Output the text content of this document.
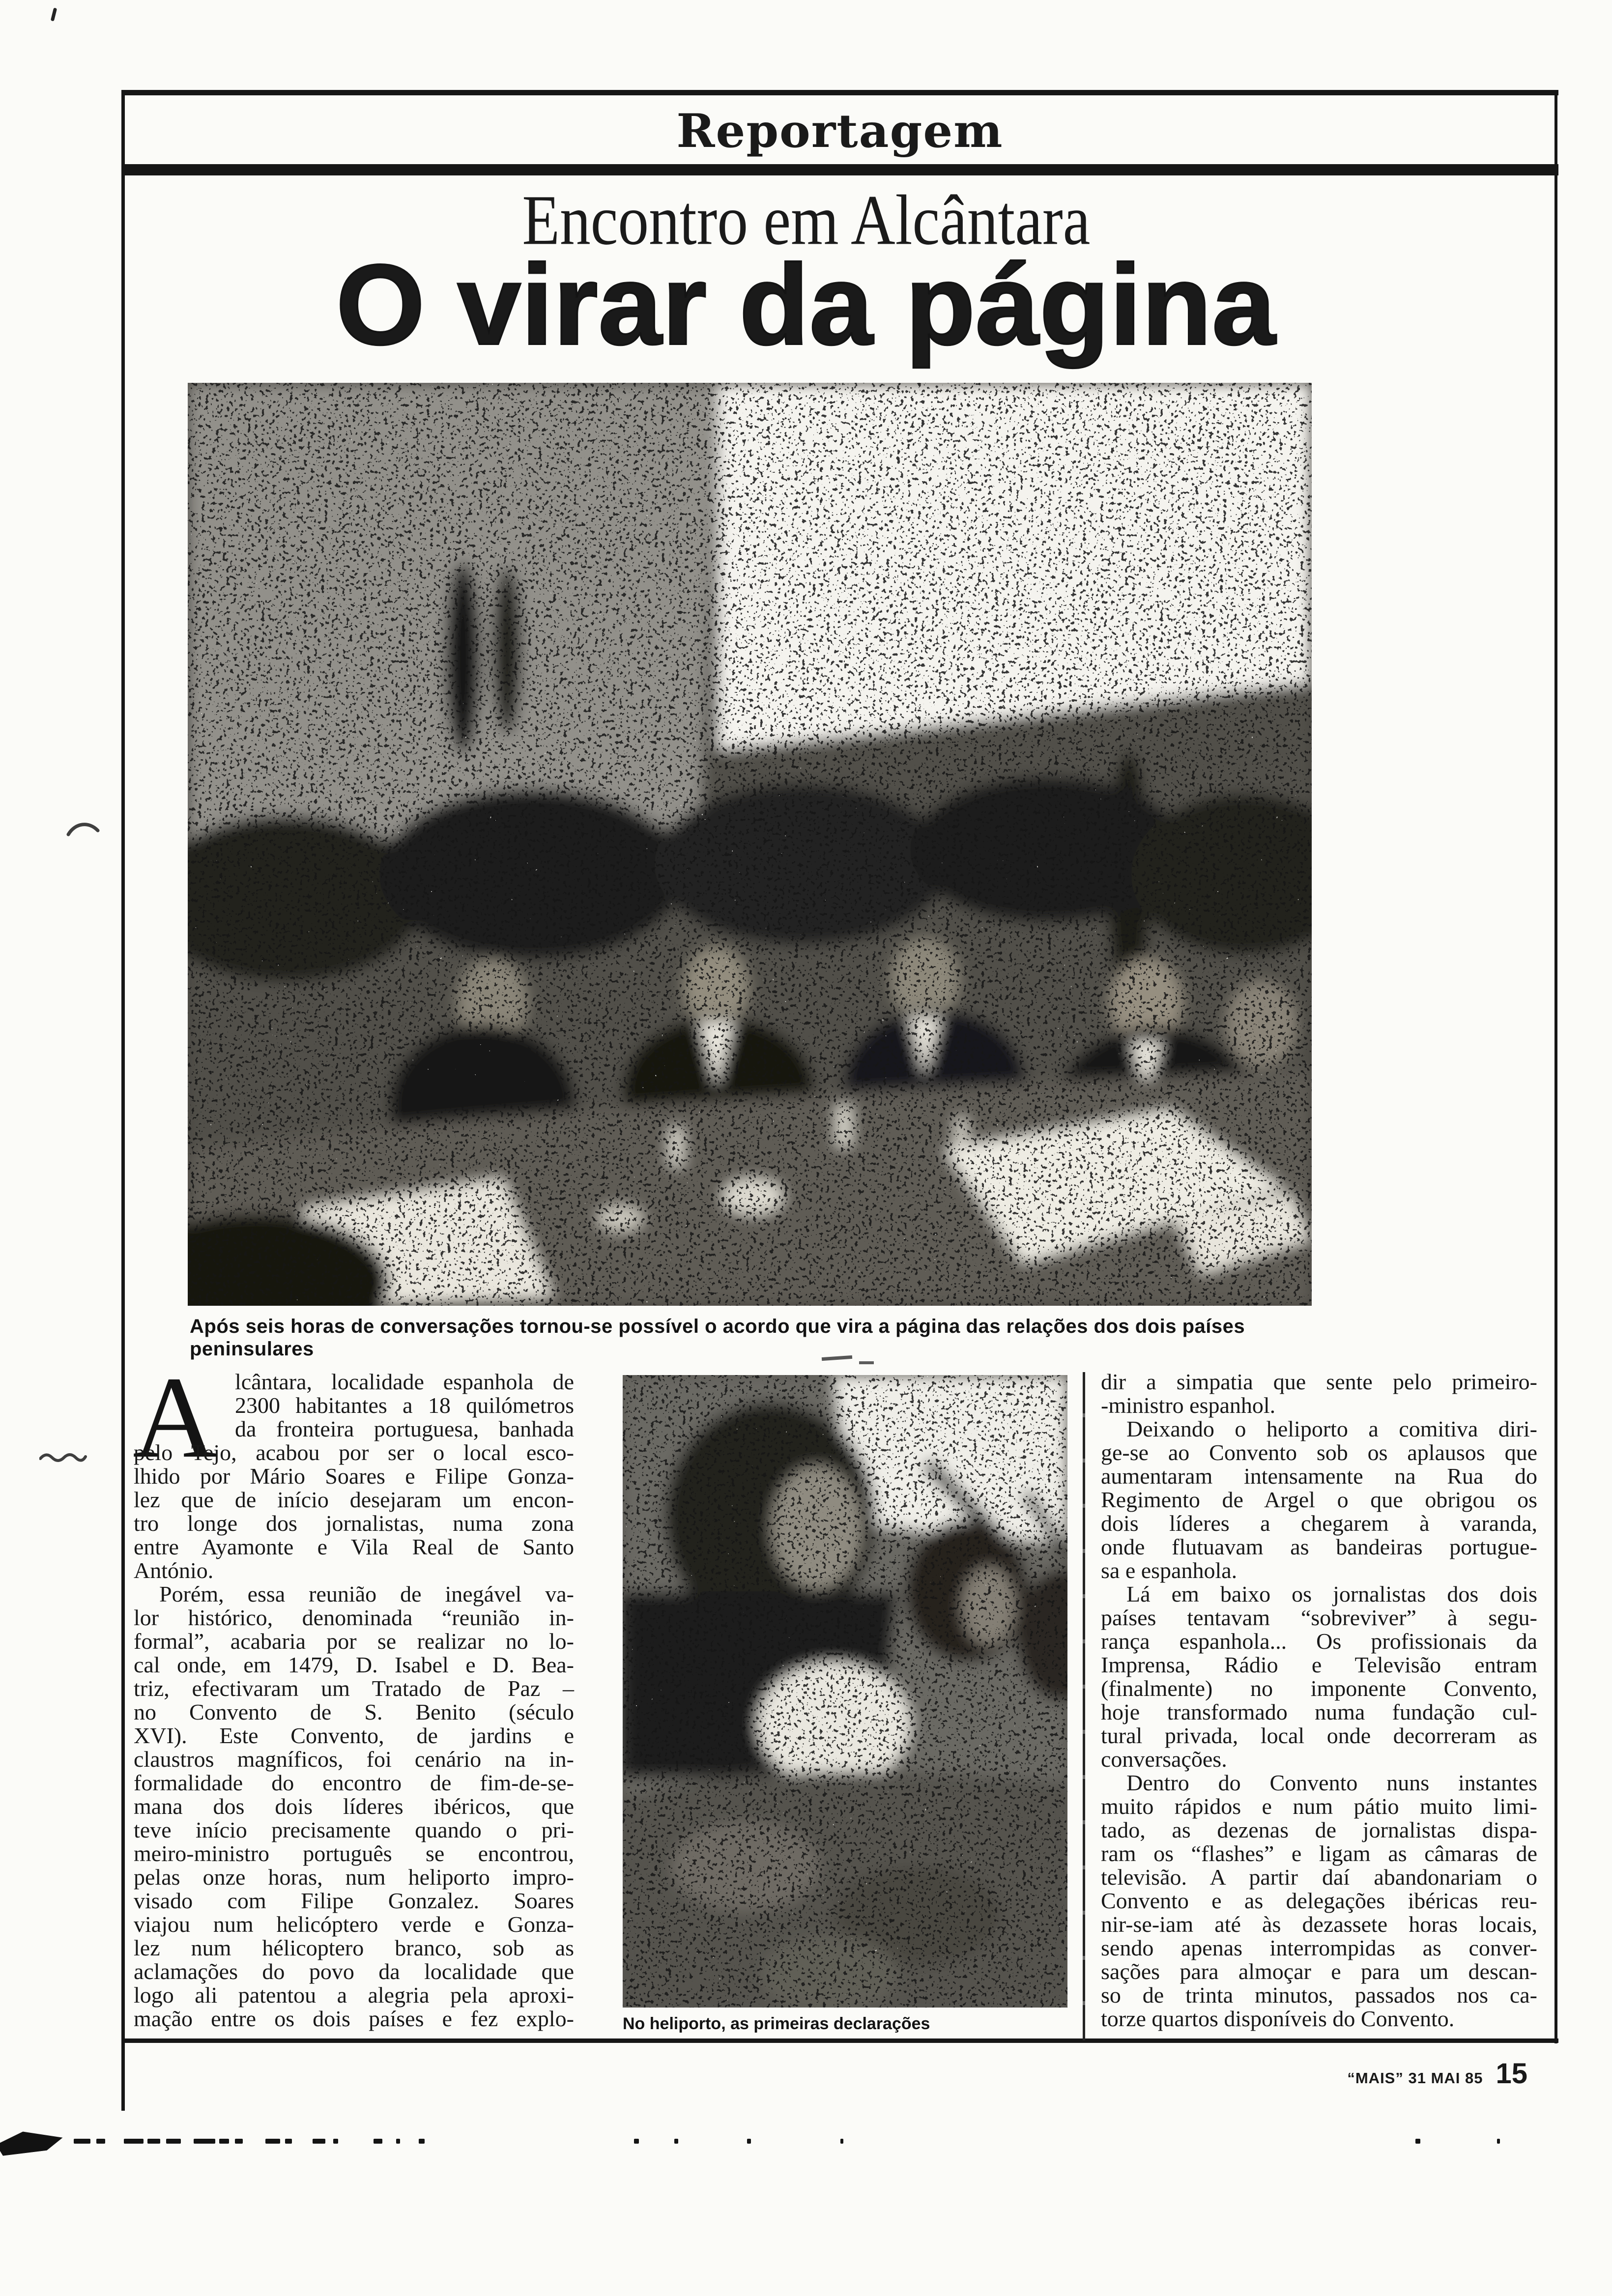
Reportagem
Encontro em Alcântara
O virar da página
Após seis horas de conversações tornou-se possível o acordo que vira a página das relações dos dois países peninsulares
A lcântara, localidade espanhola de
2300 habitantes a 18 quilómetros
da fronteira portuguesa, banhada
pelo Tejo, acabou por ser o local esco-
lhido por Mário Soares e Filipe Gonza-
lez que de início desejaram um encon-
tro longe dos jornalistas, numa zona
entre Ayamonte e Vila Real de Santo
António.
Porém, essa reunião de inegável va-
lor histórico, denominada “reunião in-
formal”, acabaria por se realizar no lo-
cal onde, em 1479, D. Isabel e D. Bea-
triz, efectivaram um Tratado de Paz –
no Convento de S. Benito (século
XVI). Este Convento, de jardins e
claustros magníficos, foi cenário na in-
formalidade do encontro de fim-de-se-
mana dos dois líderes ibéricos, que
teve início precisamente quando o pri-
meiro-ministro português se encontrou,
pelas onze horas, num heliporto impro-
visado com Filipe Gonzalez. Soares
viajou num helicóptero verde e Gonza-
lez num hélicoptero branco, sob as
aclamações do povo da localidade que
logo ali patentou a alegria pela aproxi-
mação entre os dois países e fez explo-	No heliporto, as primeiras declarações
dir a simpatia que sente pelo primeiro-
-ministro espanhol.
Deixando o heliporto a comitiva diri-
ge-se ao Convento sob os aplausos que
aumentaram intensamente na Rua do
Regimento de Argel o que obrigou os
dois líderes a chegarem à varanda,
onde flutuavam as bandeiras portugue-
sa e espanhola.
Lá em baixo os jornalistas dos dois
países tentavam “sobreviver” à segu-
rança espanhola... Os profissionais da
Imprensa, Rádio e Televisão entram
(finalmente) no imponente Convento,
hoje transformado numa fundação cul-
tural privada, local onde decorreram as
conversações.
Dentro do Convento nuns instantes
muito rápidos e num pátio muito limi-
tado, as dezenas de jornalistas dispa-
ram os “flashes” e ligam as câmaras de
televisão. A partir daí abandonariam o
Convento e as delegações ibéricas reu-
nir-se-iam até às dezassete horas locais,
sendo apenas interrompidas as conver-
sações para almoçar e para um descan-
so de trinta minutos, passados nos ca-
torze quartos disponíveis do Convento.
“MAIS” 31 MAI 85 15
